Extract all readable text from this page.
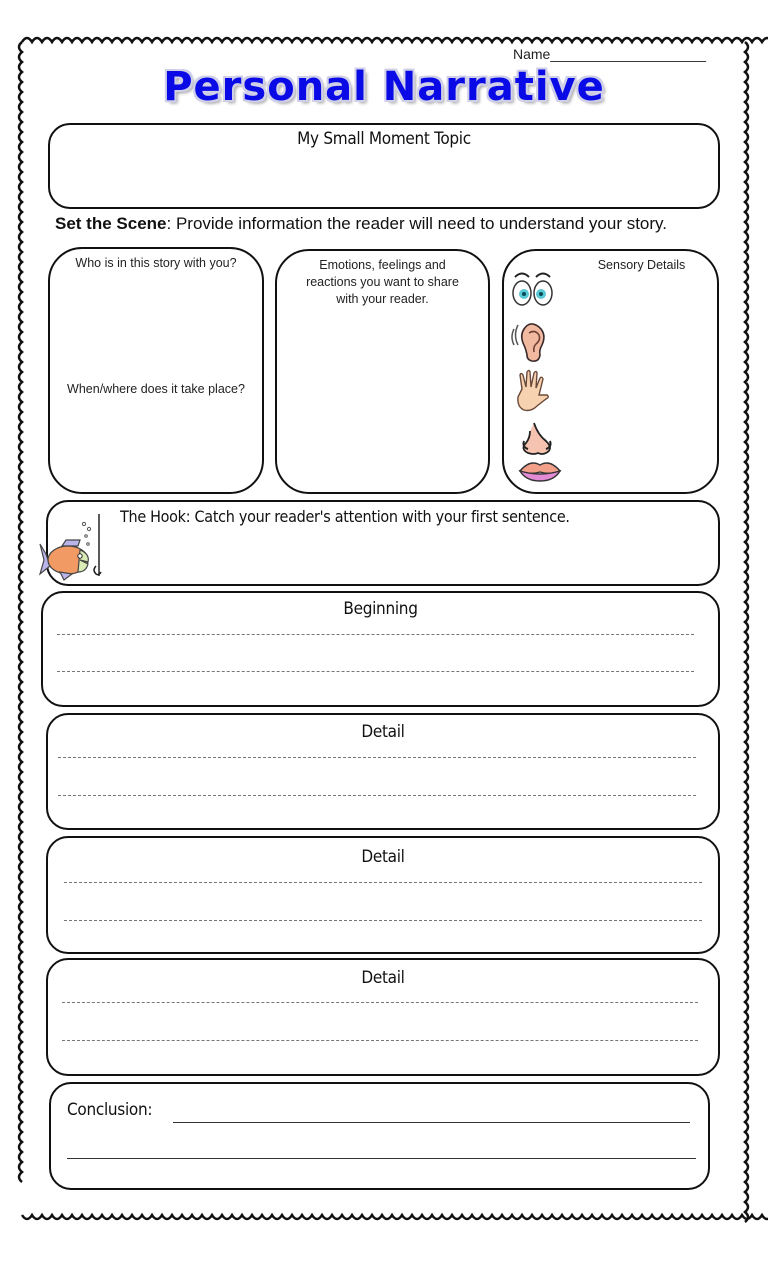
Name____________________
Personal Narrative
My Small Moment Topic
Set the Scene: Provide information the reader will need to understand your story.
Who is in this story with you?
When/where does it take place?
Emotions, feelings and reactions you want to share with your reader.
Sensory Details
The Hook: Catch your reader's attention with your first sentence.
Beginning
Detail
Detail
Detail
Conclusion:
